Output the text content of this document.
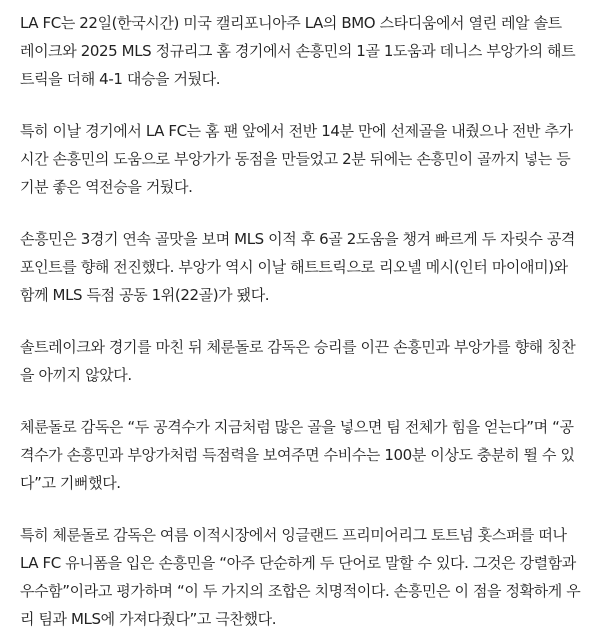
LA FC는 22일(한국시간) 미국 캘리포니아주 LA의 BMO 스타디움에서 열린 레알 솔트
레이크와 2025 MLS 정규리그 홈 경기에서 손흥민의 1골 1도움과 데니스 부앙가의 해트
트릭을 더해 4-1 대승을 거뒀다.

특히 이날 경기에서 LA FC는 홈 팬 앞에서 전반 14분 만에 선제골을 내줬으나 전반 추가
시간 손흥민의 도움으로 부앙가가 동점을 만들었고 2분 뒤에는 손흥민이 골까지 넣는 등
기분 좋은 역전승을 거뒀다.

손흥민은 3경기 연속 골맛을 보며 MLS 이적 후 6골 2도움을 챙겨 빠르게 두 자릿수 공격
포인트를 향해 전진했다. 부앙가 역시 이날 해트트릭으로 리오넬 메시(인터 마이애미)와
함께 MLS 득점 공동 1위(22골)가 됐다.

솔트레이크와 경기를 마친 뒤 체룬돌로 감독은 승리를 이끈 손흥민과 부앙가를 향해 칭찬
을 아끼지 않았다.

체룬돌로 감독은 “두 공격수가 지금처럼 많은 골을 넣으면 팀 전체가 힘을 얻는다”며 “공
격수가 손흥민과 부앙가처럼 득점력을 보여주면 수비수는 100분 이상도 충분히 뛸 수 있
다”고 기뻐했다.

특히 체룬돌로 감독은 여름 이적시장에서 잉글랜드 프리미어리그 토트넘 홋스퍼를 떠나
LA FC 유니폼을 입은 손흥민을 “아주 단순하게 두 단어로 말할 수 있다. 그것은 강렬함과
우수함”이라고 평가하며 “이 두 가지의 조합은 치명적이다. 손흥민은 이 점을 정확하게 우
리 팀과 MLS에 가져다줬다”고 극찬했다.
